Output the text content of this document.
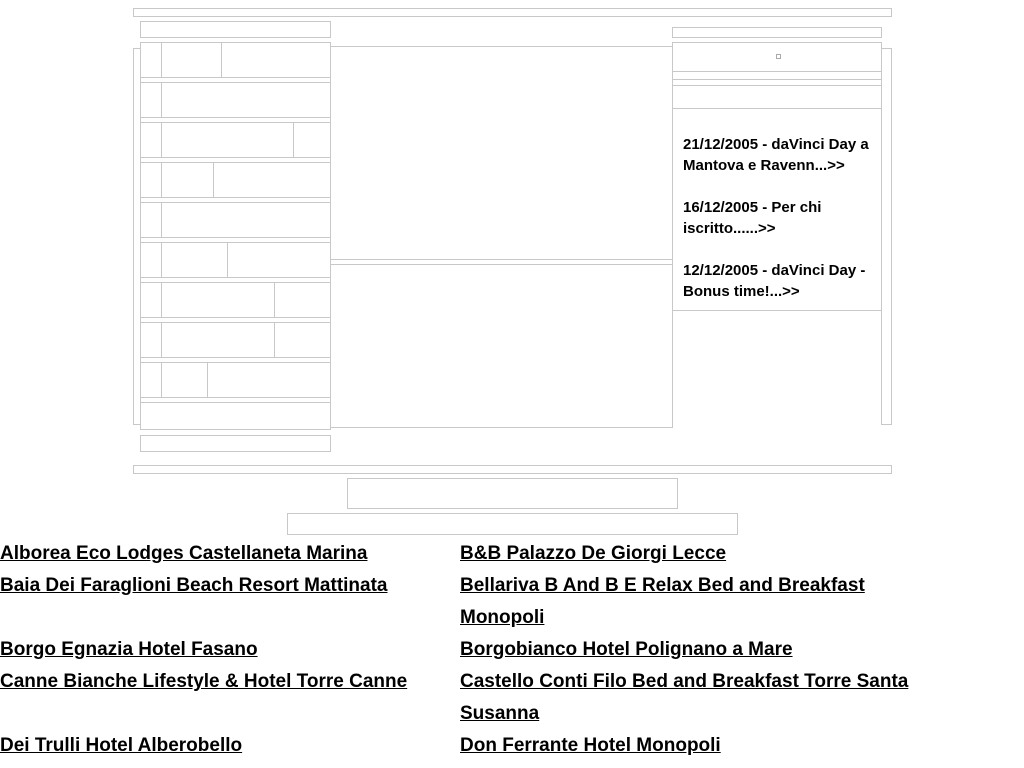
21/12/2005 - daVinci Day a Mantova e Ravenn...>>
16/12/2005 - Per chi iscritto......>>
12/12/2005 - daVinci Day - Bonus time!...>>
Alborea Eco Lodges Castellaneta Marina	B&B Palazzo De Giorgi Lecce
Baia Dei Faraglioni Beach Resort Mattinata	Bellariva B And B E Relax Bed and Breakfast Monopoli
Borgo Egnazia Hotel Fasano	Borgobianco Hotel Polignano a Mare
Canne Bianche Lifestyle & Hotel Torre Canne	Castello Conti Filo Bed and Breakfast Torre Santa Susanna
Dei Trulli Hotel Alberobello	Don Ferrante Hotel Monopoli
